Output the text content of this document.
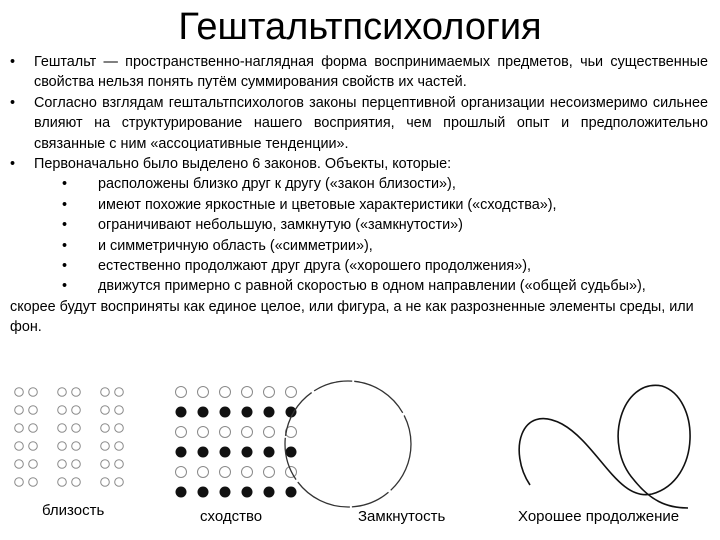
Гештальтпсихология
• Гештальт — пространственно-наглядная форма воспринимаемых предметов, чьи существенные свойства нельзя понять путём суммирования свойств их частей.
• Согласно взглядам гештальтпсихологов законы перцептивной организации несоизмеримо сильнее влияют на структурирование нашего восприятия, чем прошлый опыт и предположительно связанные с ним «ассоциативные тенденции».
• Первоначально было выделено 6 законов. Объекты, которые:
• расположены близко друг к другу («закон близости»),
• имеют похожие яркостные и цветовые характеристики («сходства»),
• ограничивают небольшую, замкнутую («замкнутости»)
• и симметричную область («симметрии»),
• естественно продолжают друг друга («хорошего продолжения»),
• движутся примерно с равной скоростью в одном направлении («общей судьбы»),
скорее будут восприняты как единое целое, или фигура, а не как разрозненные элементы среды, или фон.
близость	сходство	Замкнутость	Хорошее продолжение
